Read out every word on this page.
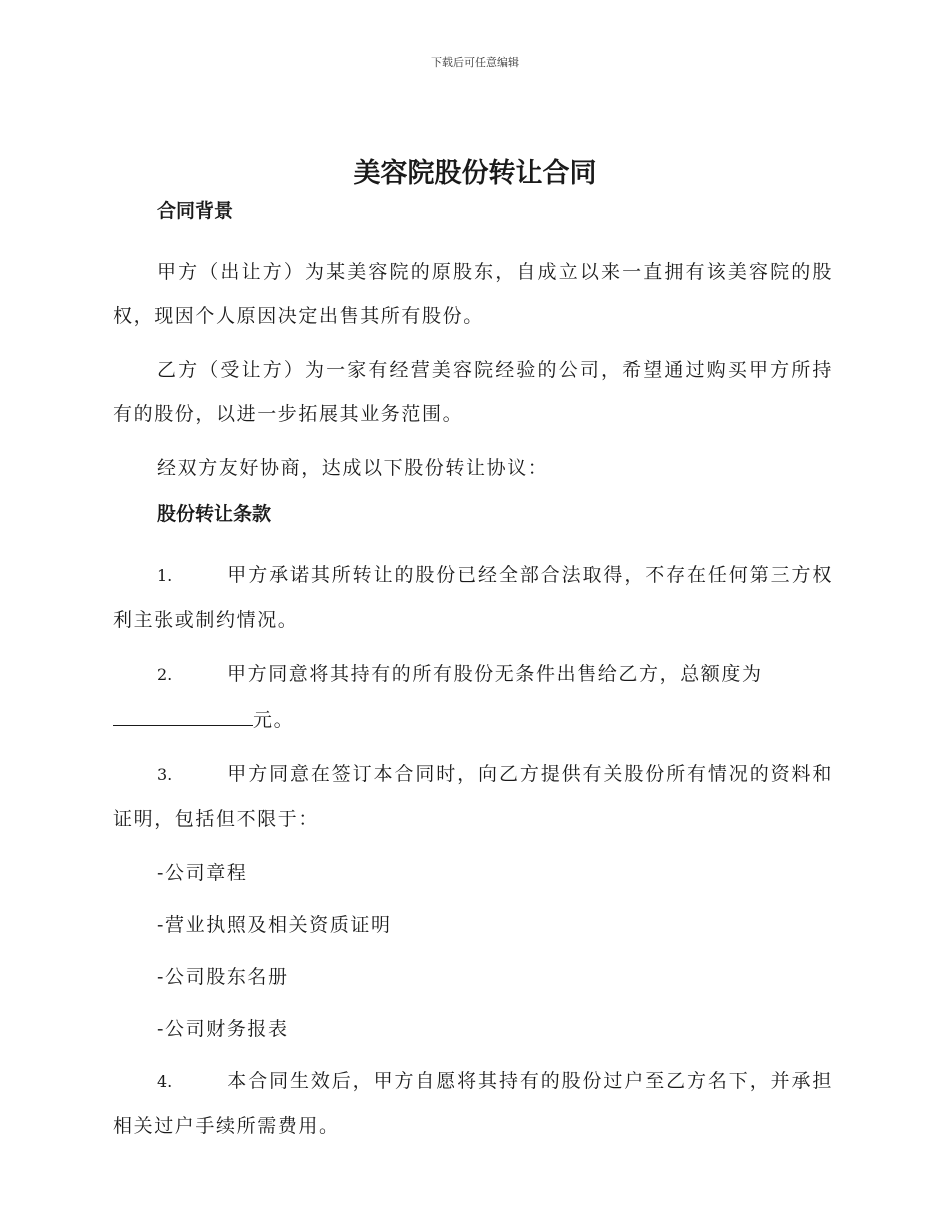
下载后可任意编辑
美容院股份转让合同
合同背景

甲方（出让方）为某美容院的原股东，自成立以来一直拥有该美容院的股权，现因个人原因决定出售其所有股份。

乙方（受让方）为一家有经营美容院经验的公司，希望通过购买甲方所持有的股份，以进一步拓展其业务范围。

经双方友好协商，达成以下股份转让协议：

股份转让条款

1.	甲方承诺其所转让的股份已经全部合法取得，不存在任何第三方权利主张或制约情况。

2.	甲方同意将其持有的所有股份无条件出售给乙方，总额度为
元。

3.	甲方同意在签订本合同时，向乙方提供有关股份所有情况的资料和证明，包括但不限于：

-公司章程
-营业执照及相关资质证明
-公司股东名册
-公司财务报表

4.	本合同生效后，甲方自愿将其持有的股份过户至乙方名下，并承担相关过户手续所需费用。
